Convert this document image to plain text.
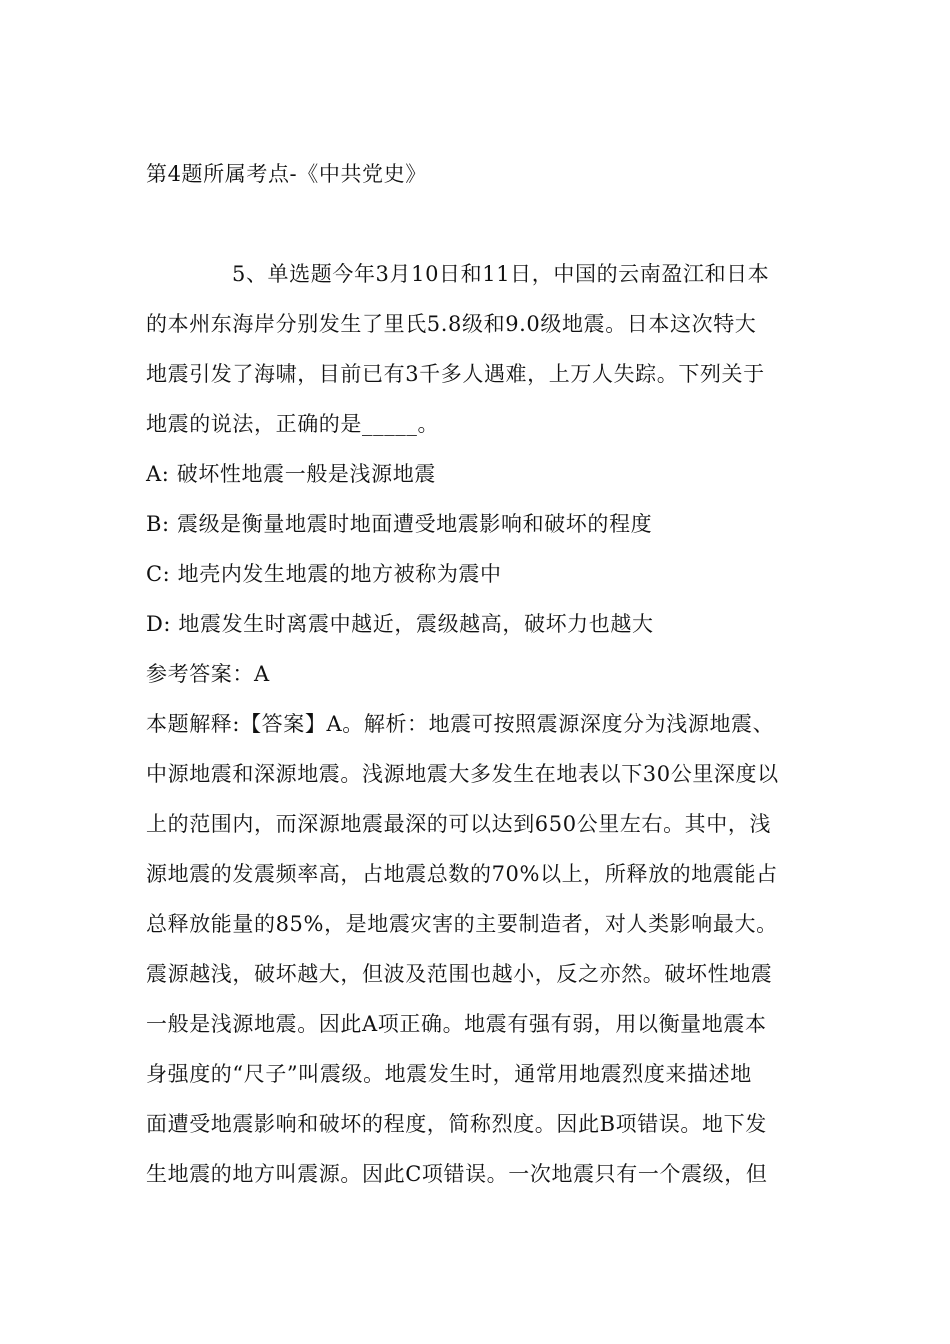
第4题所属考点-《中共党史》
5、单选题今年3月10日和11日，中国的云南盈江和日本
的本州东海岸分别发生了里氏5.8级和9.0级地震。日本这次特大
地震引发了海啸，目前已有3千多人遇难，上万人失踪。下列关于
地震的说法，正确的是_____。
A: 破坏性地震一般是浅源地震
B: 震级是衡量地震时地面遭受地震影响和破坏的程度
C: 地壳内发生地震的地方被称为震中
D: 地震发生时离震中越近，震级越高，破坏力也越大
参考答案：A
本题解释:【答案】A。解析：地震可按照震源深度分为浅源地震、
中源地震和深源地震。浅源地震大多发生在地表以下30公里深度以
上的范围内，而深源地震最深的可以达到650公里左右。其中，浅
源地震的发震频率高，占地震总数的70%以上，所释放的地震能占
总释放能量的85%，是地震灾害的主要制造者，对人类影响最大。
震源越浅，破坏越大，但波及范围也越小，反之亦然。破坏性地震
一般是浅源地震。因此A项正确。地震有强有弱，用以衡量地震本
身强度的“尺子”叫震级。地震发生时，通常用地震烈度来描述地
面遭受地震影响和破坏的程度，简称烈度。因此B项错误。地下发
生地震的地方叫震源。因此C项错误。一次地震只有一个震级，但
